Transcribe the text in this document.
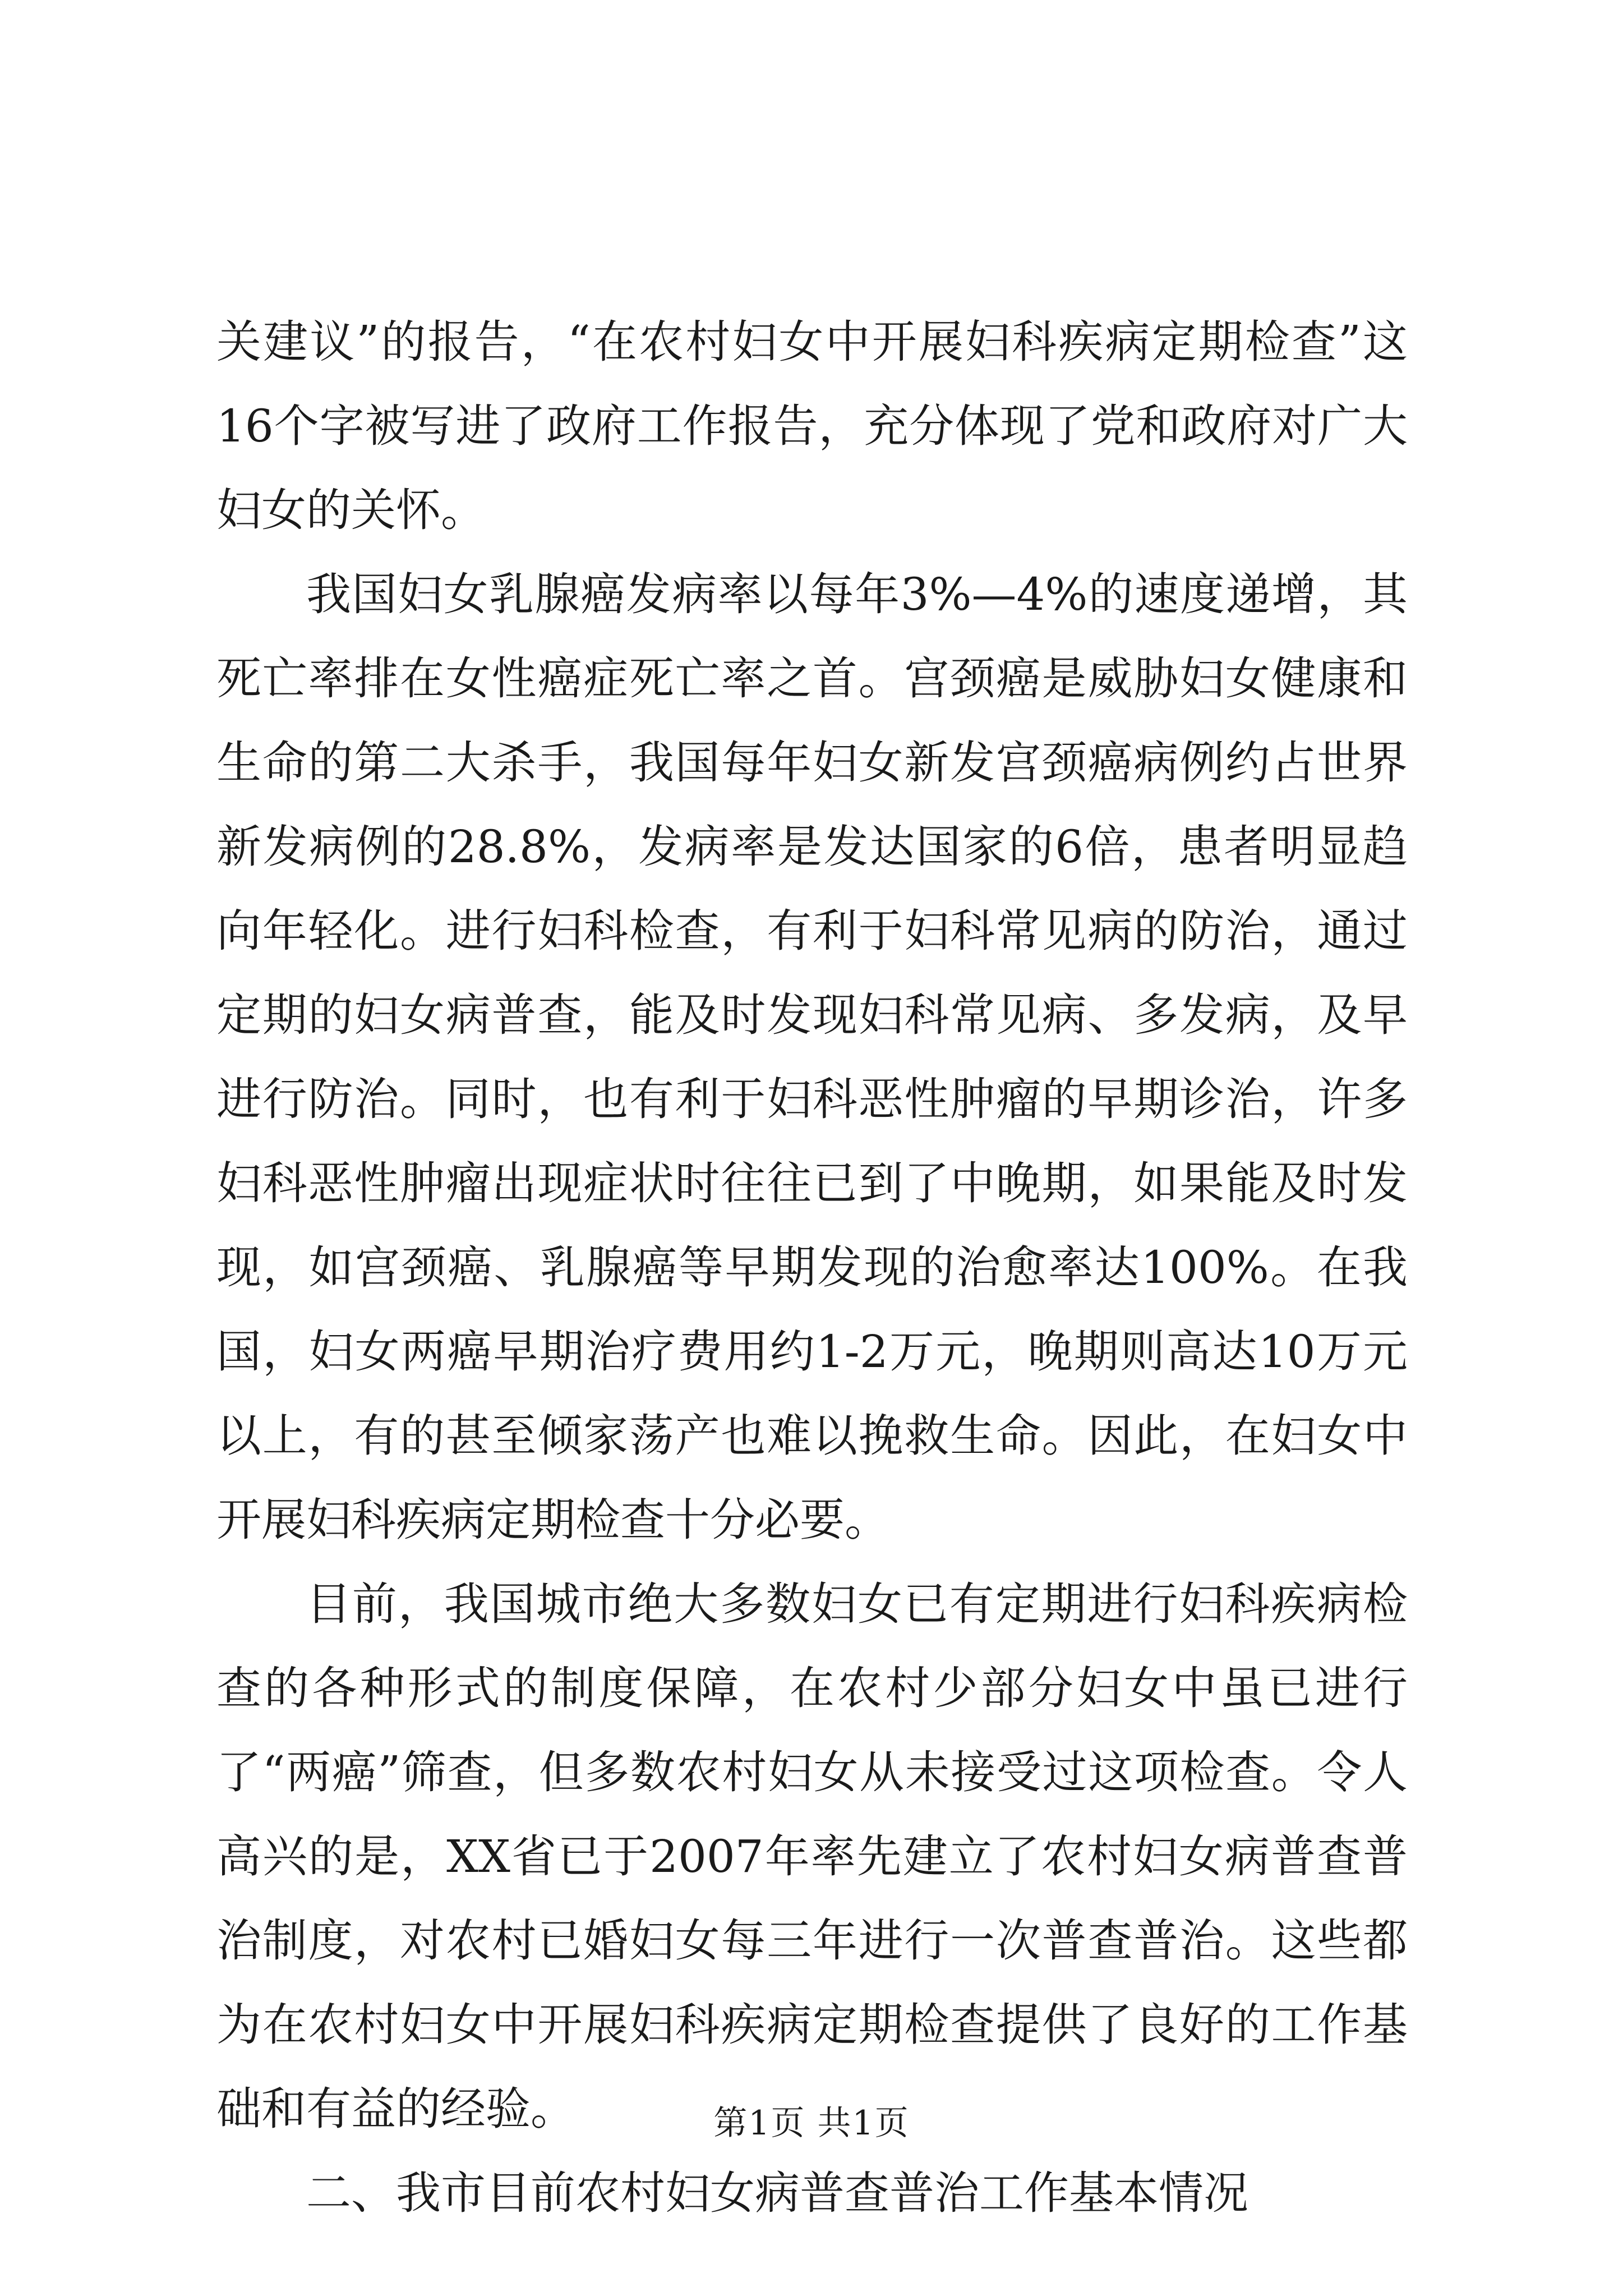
关建议”的报告，“在农村妇女中开展妇科疾病定期检查”这16个字被写进了政府工作报告，充分体现了党和政府对广大妇女的关怀。

我国妇女乳腺癌发病率以每年3%—4%的速度递增，其死亡率排在女性癌症死亡率之首。宫颈癌是威胁妇女健康和生命的第二大杀手，我国每年妇女新发宫颈癌病例约占世界新发病例的28.8%，发病率是发达国家的6倍，患者明显趋向年轻化。进行妇科检查，有利于妇科常见病的防治，通过定期的妇女病普查，能及时发现妇科常见病、多发病，及早进行防治。同时，也有利于妇科恶性肿瘤的早期诊治，许多妇科恶性肿瘤出现症状时往往已到了中晚期，如果能及时发现，如宫颈癌、乳腺癌等早期发现的治愈率达100%。在我国，妇女两癌早期治疗费用约1-2万元，晚期则高达10万元以上，有的甚至倾家荡产也难以挽救生命。因此，在妇女中开展妇科疾病定期检查十分必要。

目前，我国城市绝大多数妇女已有定期进行妇科疾病检查的各种形式的制度保障，在农村少部分妇女中虽已进行了“两癌”筛查，但多数农村妇女从未接受过这项检查。令人高兴的是，XX省已于2007年率先建立了农村妇女病普查普治制度，对农村已婚妇女每三年进行一次普查普治。这些都为在农村妇女中开展妇科疾病定期检查提供了良好的工作基础和有益的经验。

二、我市目前农村妇女病普查普治工作基本情况

第1页 共1页
